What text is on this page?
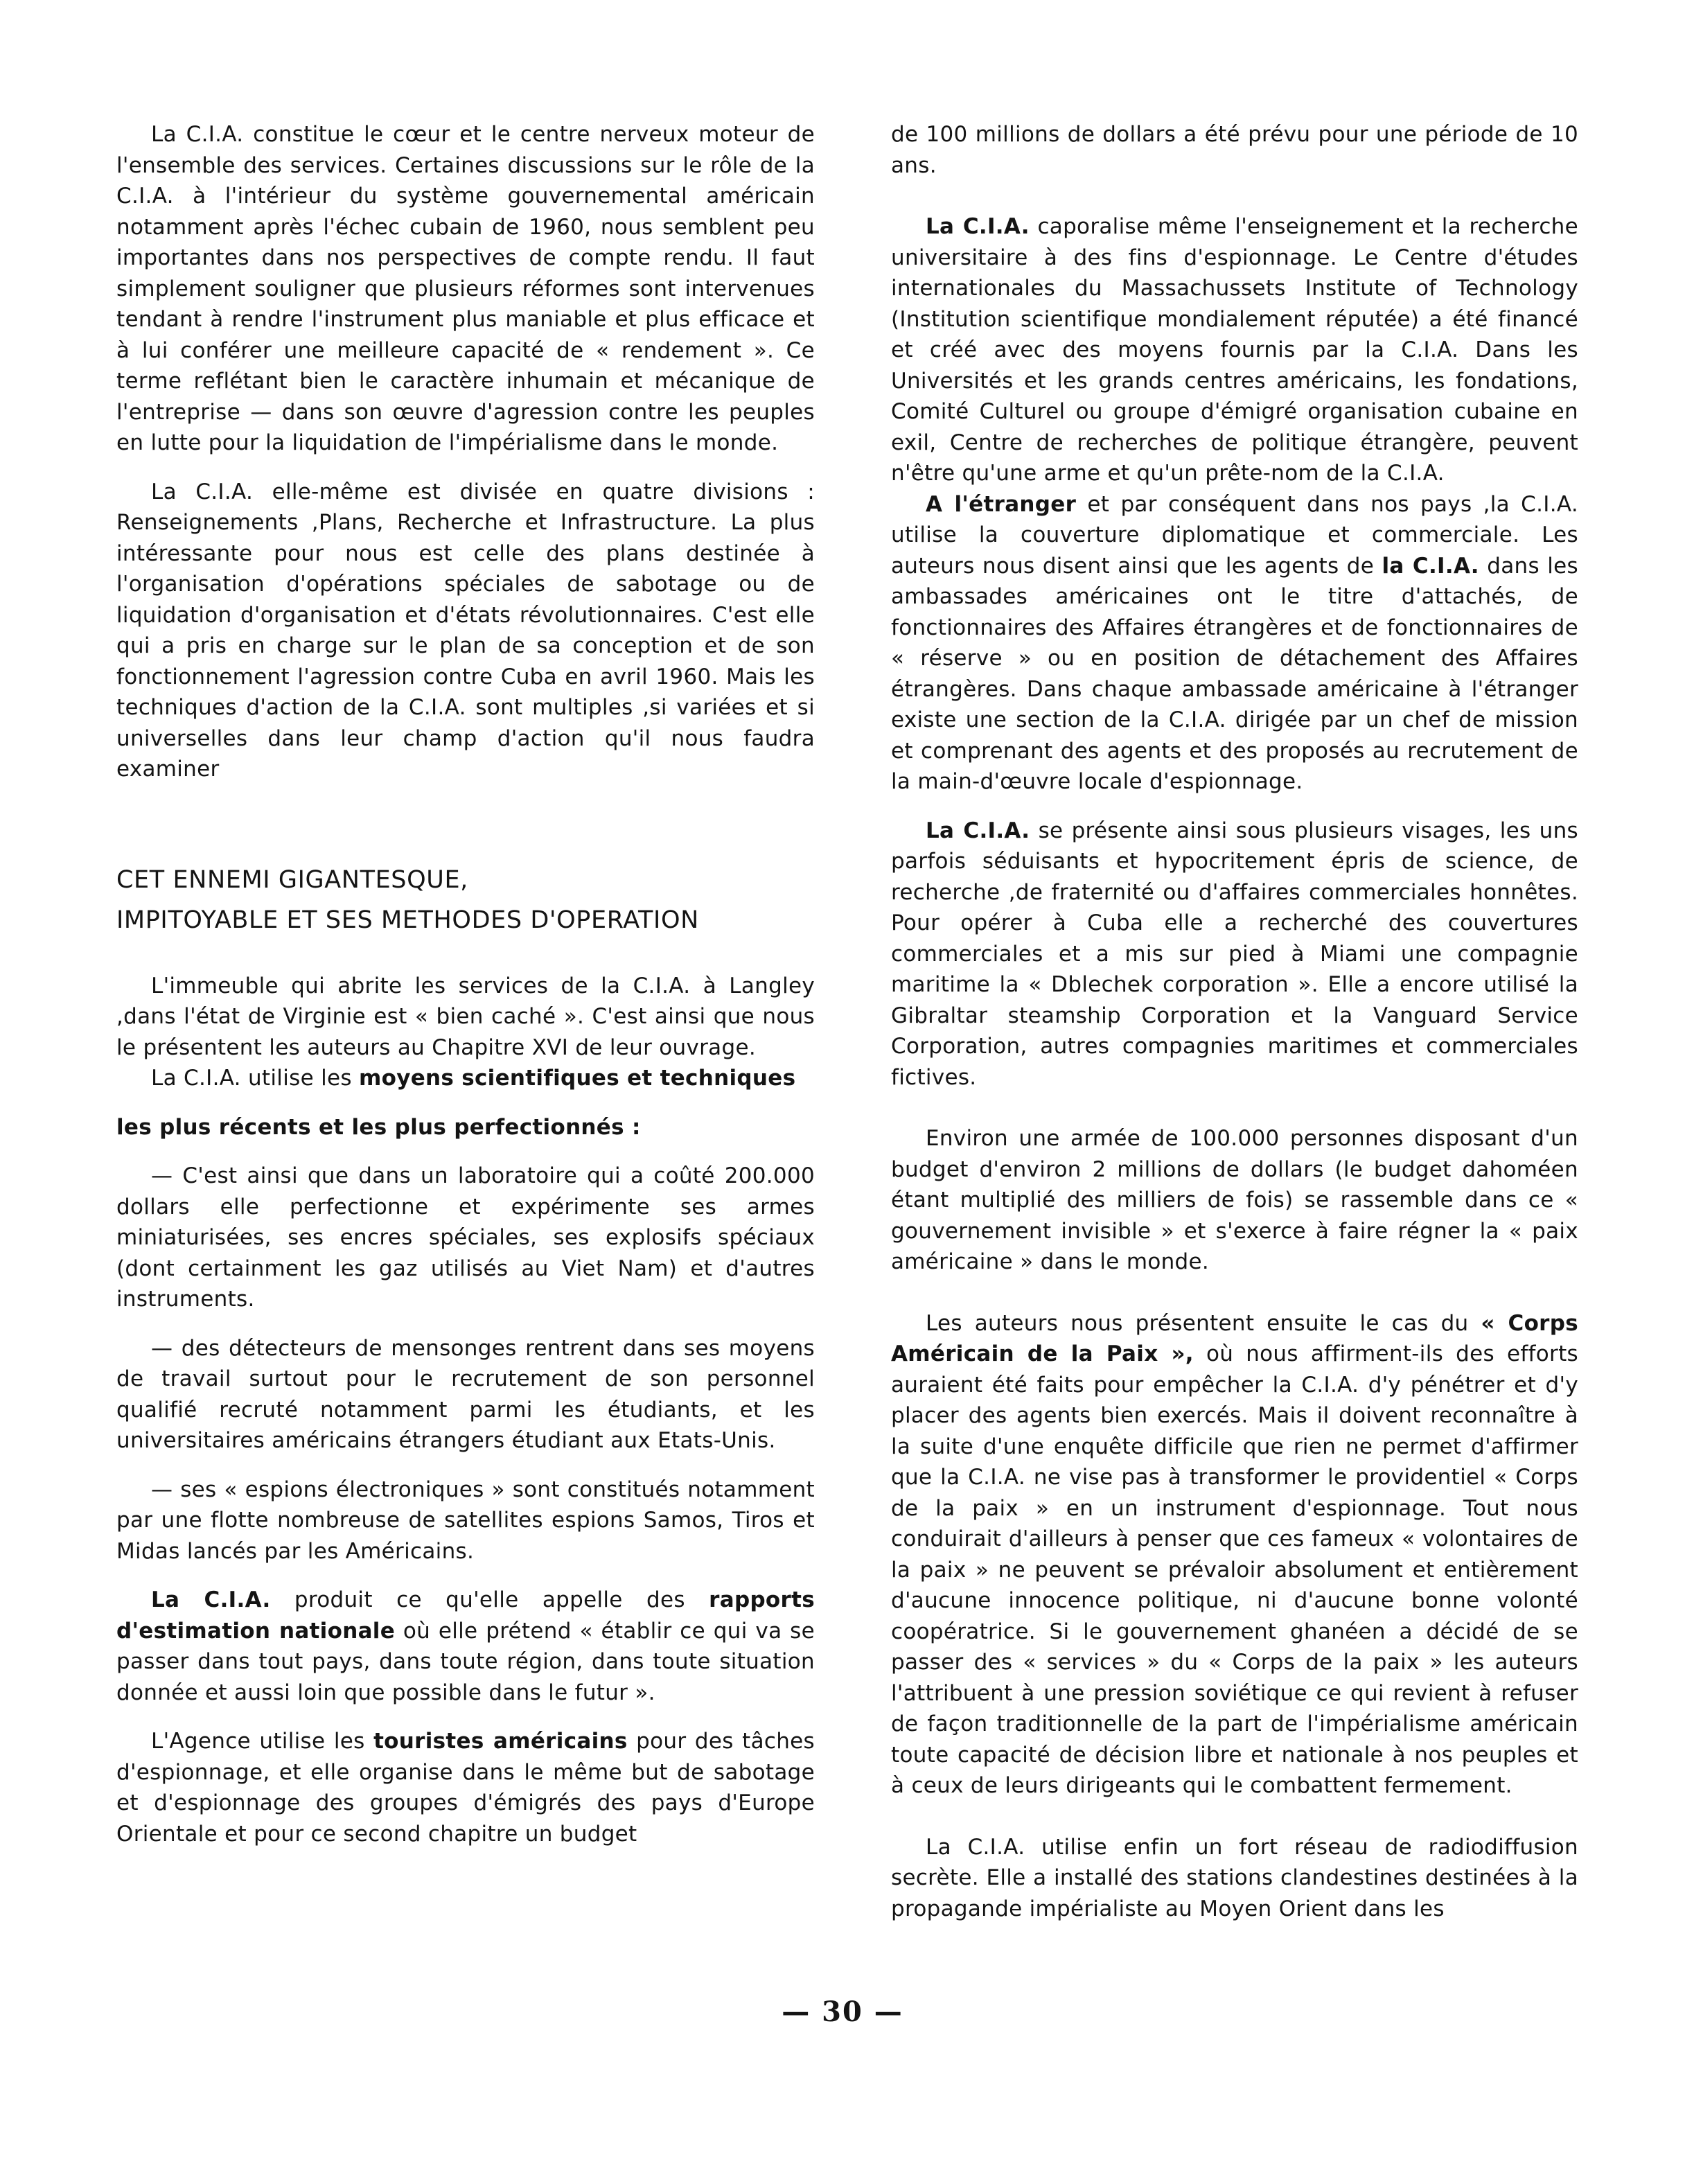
La C.I.A. constitue le cœur et le centre nerveux moteur de l'ensemble des services. Certaines discussions sur le rôle de la C.I.A. à l'intérieur du système gouvernemental américain notamment après l'échec cubain de 1960, nous semblent peu importantes dans nos perspectives de compte rendu. Il faut simplement souligner que plusieurs réformes sont intervenues tendant à rendre l'instrument plus maniable et plus efficace et à lui conférer une meilleure capacité de « rendement ». Ce terme reflétant bien le caractère inhumain et mécanique de l'entreprise — dans son œuvre d'agression contre les peuples en lutte pour la liquidation de l'impérialisme dans le monde.

La C.I.A. elle-même est divisée en quatre divisions : Renseignements ,Plans, Recherche et Infrastructure. La plus intéressante pour nous est celle des plans destinée à l'organisation d'opérations spéciales de sabotage ou de liquidation d'organisation et d'états révolutionnaires. C'est elle qui a pris en charge sur le plan de sa conception et de son fonctionnement l'agression contre Cuba en avril 1960. Mais les techniques d'action de la C.I.A. sont multiples ,si variées et si universelles dans leur champ d'action qu'il nous faudra examiner

CET ENNEMI GIGANTESQUE,
IMPITOYABLE ET SES METHODES D'OPERATION

L'immeuble qui abrite les services de la C.I.A. à Langley ,dans l'état de Virginie est « bien caché ». C'est ainsi que nous le présentent les auteurs au Chapitre XVI de leur ouvrage.

La C.I.A. utilise les moyens scientifiques et techniques

les plus récents et les plus perfectionnés :

— C'est ainsi que dans un laboratoire qui a coûté 200.000 dollars elle perfectionne et expérimente ses armes miniaturisées, ses encres spéciales, ses explosifs spéciaux (dont certainment les gaz utilisés au Viet Nam) et d'autres instruments.

— des détecteurs de mensonges rentrent dans ses moyens de travail surtout pour le recrutement de son personnel qualifié recruté notamment parmi les étudiants, et les universitaires américains étrangers étudiant aux Etats-Unis.

— ses « espions électroniques » sont constitués notamment par une flotte nombreuse de satellites espions Samos, Tiros et Midas lancés par les Américains.

La C.I.A. produit ce qu'elle appelle des rapports d'estimation nationale où elle prétend « établir ce qui va se passer dans tout pays, dans toute région, dans toute situation donnée et aussi loin que possible dans le futur ».

L'Agence utilise les touristes américains pour des tâches d'espionnage, et elle organise dans le même but de sabotage et d'espionnage des groupes d'émigrés des pays d'Europe Orientale et pour ce second chapitre un budget

de 100 millions de dollars a été prévu pour une période de 10 ans.

La C.I.A. caporalise même l'enseignement et la recherche universitaire à des fins d'espionnage. Le Centre d'études internationales du Massachussets Institute of Technology (Institution scientifique mondialement réputée) a été financé et créé avec des moyens fournis par la C.I.A. Dans les Universités et les grands centres américains, les fondations, Comité Culturel ou groupe d'émigré organisation cubaine en exil, Centre de recherches de politique étrangère, peuvent n'être qu'une arme et qu'un prête-nom de la C.I.A.

A l'étranger et par conséquent dans nos pays ,la C.I.A. utilise la couverture diplomatique et commerciale. Les auteurs nous disent ainsi que les agents de la C.I.A. dans les ambassades américaines ont le titre d'attachés, de fonctionnaires des Affaires étrangères et de fonctionnaires de « réserve » ou en position de détachement des Affaires étrangères. Dans chaque ambassade américaine à l'étranger existe une section de la C.I.A. dirigée par un chef de mission et comprenant des agents et des proposés au recrutement de la main-d'œuvre locale d'espionnage.

La C.I.A. se présente ainsi sous plusieurs visages, les uns parfois séduisants et hypocritement épris de science, de recherche ,de fraternité ou d'affaires commerciales honnêtes. Pour opérer à Cuba elle a recherché des couvertures commerciales et a mis sur pied à Miami une compagnie maritime la « Dblechek corporation ». Elle a encore utilisé la Gibraltar steamship Corporation et la Vanguard Service Corporation, autres compagnies maritimes et commerciales fictives.

Environ une armée de 100.000 personnes disposant d'un budget d'environ 2 millions de dollars (le budget dahoméen étant multiplié des milliers de fois) se rassemble dans ce « gouvernement invisible » et s'exerce à faire régner la « paix américaine » dans le monde.

Les auteurs nous présentent ensuite le cas du « Corps Américain de la Paix », où nous affirment-ils des efforts auraient été faits pour empêcher la C.I.A. d'y pénétrer et d'y placer des agents bien exercés. Mais il doivent reconnaître à la suite d'une enquête difficile que rien ne permet d'affirmer que la C.I.A. ne vise pas à transformer le providentiel « Corps de la paix » en un instrument d'espionnage. Tout nous conduirait d'ailleurs à penser que ces fameux « volontaires de la paix » ne peuvent se prévaloir absolument et entièrement d'aucune innocence politique, ni d'aucune bonne volonté coopératrice. Si le gouvernement ghanéen a décidé de se passer des « services » du « Corps de la paix » les auteurs l'attribuent à une pression soviétique ce qui revient à refuser de façon traditionnelle de la part de l'impérialisme américain toute capacité de décision libre et nationale à nos peuples et à ceux de leurs dirigeants qui le combattent fermement.

La C.I.A. utilise enfin un fort réseau de radiodiffusion secrète. Elle a installé des stations clandestines destinées à la propagande impérialiste au Moyen Orient dans les

— 30 —
